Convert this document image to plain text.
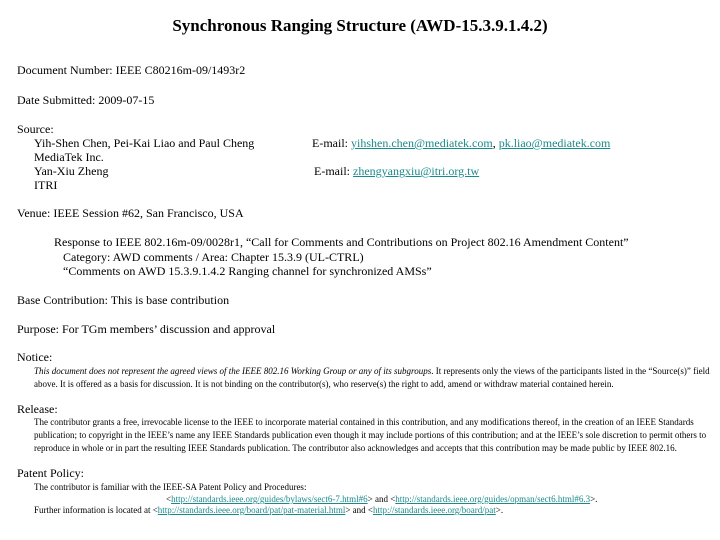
Synchronous Ranging Structure (AWD-15.3.9.1.4.2)
Document Number: IEEE C80216m-09/1493r2
Date Submitted: 2009-07-15
Source:
Yih-Shen Chen, Pei-Kai Liao and Paul Cheng
MediaTek Inc.
Yan-Xiu Zheng
ITRI
E-mail: yihshen.chen@mediatek.com, pk.liao@mediatek.com
E-mail: zhengyangxiu@itri.org.tw
Venue: IEEE Session #62, San Francisco, USA
Response to IEEE 802.16m-09/0028r1, “Call for Comments and Contributions on Project 802.16 Amendment Content”
Category: AWD comments / Area: Chapter 15.3.9 (UL-CTRL)
“Comments on AWD 15.3.9.1.4.2 Ranging channel for synchronized AMSs”
Base Contribution: This is base contribution
Purpose: For TGm members’ discussion and approval
Notice:
This document does not represent the agreed views of the IEEE 802.16 Working Group or any of its subgroups. It represents only the views of the participants listed in the “Source(s)” field above. It is offered as a basis for discussion. It is not binding on the contributor(s), who reserve(s) the right to add, amend or withdraw material contained herein.
Release:
The contributor grants a free, irrevocable license to the IEEE to incorporate material contained in this contribution, and any modifications thereof, in the creation of an IEEE Standards publication; to copyright in the IEEE’s name any IEEE Standards publication even though it may include portions of this contribution; and at the IEEE’s sole discretion to permit others to reproduce in whole or in part the resulting IEEE Standards publication. The contributor also acknowledges and accepts that this contribution may be made public by IEEE 802.16.
Patent Policy:
The contributor is familiar with the IEEE-SA Patent Policy and Procedures:
<http://standards.ieee.org/guides/bylaws/sect6-7.html#6> and <http://standards.ieee.org/guides/opman/sect6.html#6.3>.
Further information is located at <http://standards.ieee.org/board/pat/pat-material.html> and <http://standards.ieee.org/board/pat>.
